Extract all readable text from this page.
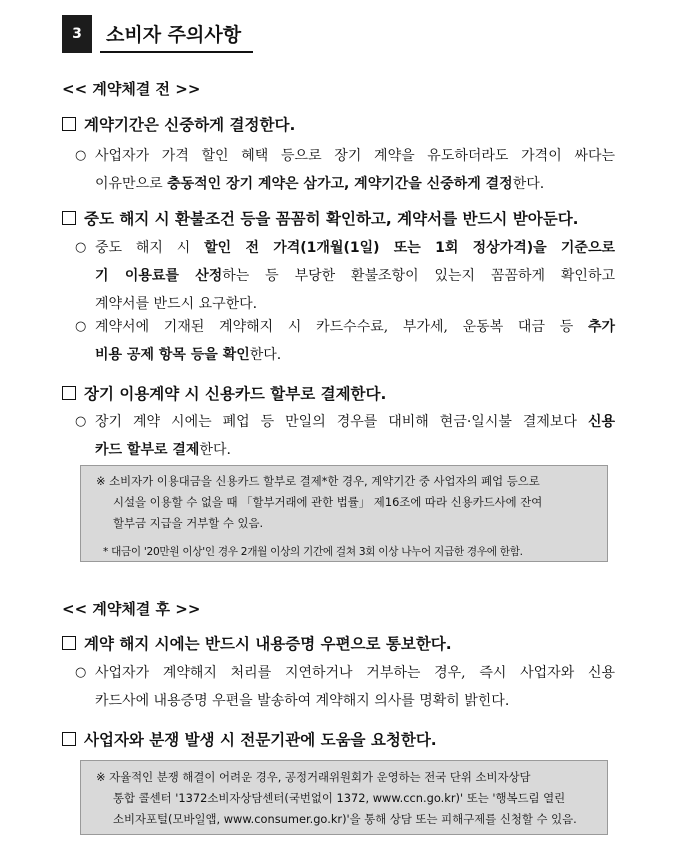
3	소비자 주의사항
<< 계약체결 전 >>
계약기간은 신중하게 결정한다.
○ 사업자가 가격 할인 혜택 등으로 장기 계약을 유도하더라도 가격이 싸다는
이유만으로 충동적인 장기 계약은 삼가고, 계약기간을 신중하게 결정한다.
중도 해지 시 환불조건 등을 꼼꼼히 확인하고, 계약서를 반드시 받아둔다.
○ 중도 해지 시 할인 전 가격(1개월(1일) 또는 1회 정상가격)을 기준으로
기 이용료를 산정하는 등 부당한 환불조항이 있는지 꼼꼼하게 확인하고
계약서를 반드시 요구한다.
○ 계약서에 기재된 계약해지 시 카드수수료, 부가세, 운동복 대금 등 추가
비용 공제 항목 등을 확인한다.
장기 이용계약 시 신용카드 할부로 결제한다.
○ 장기 계약 시에는 폐업 등 만일의 경우를 대비해 현금·일시불 결제보다 신용
카드 할부로 결제한다.
※ 소비자가 이용대금을 신용카드 할부로 결제*한 경우, 계약기간 중 사업자의 폐업 등으로
시설을 이용할 수 없을 때 「할부거래에 관한 법률」 제16조에 따라 신용카드사에 잔여
할부금 지급을 거부할 수 있음.
* 대금이 '20만원 이상'인 경우 2개월 이상의 기간에 걸쳐 3회 이상 나누어 지급한 경우에 한함.
<< 계약체결 후 >>
계약 해지 시에는 반드시 내용증명 우편으로 통보한다.
○ 사업자가 계약해지 처리를 지연하거나 거부하는 경우, 즉시 사업자와 신용
카드사에 내용증명 우편을 발송하여 계약해지 의사를 명확히 밝힌다.
사업자와 분쟁 발생 시 전문기관에 도움을 요청한다.
※ 자율적인 분쟁 해결이 어려운 경우, 공정거래위원회가 운영하는 전국 단위 소비자상담
통합 콜센터 '1372소비자상담센터(국번없이 1372, www.ccn.go.kr)' 또는 '행복드림 열린
소비자포털(모바일앱, www.consumer.go.kr)'을 통해 상담 또는 피해구제를 신청할 수 있음.
